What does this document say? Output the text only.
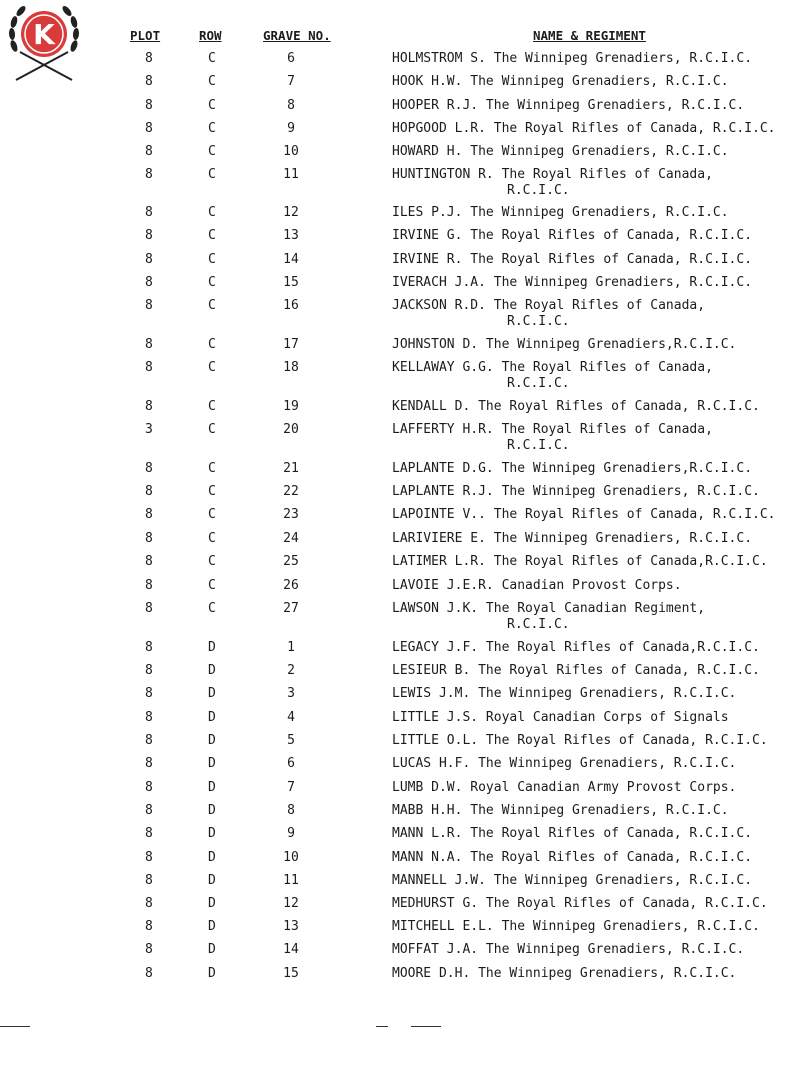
K	PLOT	ROW	GRAVE NO.	NAME & REGIMENT
8	C	6	HOLMSTROM S. The Winnipeg Grenadiers, R.C.I.C.
8	C	7	HOOK H.W. The Winnipeg Grenadiers, R.C.I.C.
8	C	8	HOOPER R.J. The Winnipeg Grenadiers, R.C.I.C.
8	C	9	HOPGOOD L.R. The Royal Rifles of Canada, R.C.I.C.
8	C	10	HOWARD H. The Winnipeg Grenadiers, R.C.I.C.
8	C	11	HUNTINGTON R. The Royal Rifles of Canada,
R.C.I.C.
8	C	12	ILES P.J. The Winnipeg Grenadiers, R.C.I.C.
8	C	13	IRVINE G. The Royal Rifles of Canada, R.C.I.C.
8	C	14	IRVINE R. The Royal Rifles of Canada, R.C.I.C.
8	C	15	IVERACH J.A. The Winnipeg Grenadiers, R.C.I.C.
8	C	16	JACKSON R.D. The Royal Rifles of Canada,
R.C.I.C.
8	C	17	JOHNSTON D. The Winnipeg Grenadiers,R.C.I.C.
8	C	18	KELLAWAY G.G. The Royal Rifles of Canada,
R.C.I.C.
8	C	19	KENDALL D. The Royal Rifles of Canada, R.C.I.C.
3	C	20	LAFFERTY H.R. The Royal Rifles of Canada,
R.C.I.C.
8	C	21	LAPLANTE D.G. The Winnipeg Grenadiers,R.C.I.C.
8	C	22	LAPLANTE R.J. The Winnipeg Grenadiers, R.C.I.C.
8	C	23	LAPOINTE V.. The Royal Rifles of Canada, R.C.I.C.
8	C	24	LARIVIERE E. The Winnipeg Grenadiers, R.C.I.C.
8	C	25	LATIMER L.R. The Royal Rifles of Canada,R.C.I.C.
8	C	26	LAVOIE J.E.R. Canadian Provost Corps.
8	C	27	LAWSON J.K. The Royal Canadian Regiment,
R.C.I.C.
8	D	1	LEGACY J.F. The Royal Rifles of Canada,R.C.I.C.
8	D	2	LESIEUR B. The Royal Rifles of Canada, R.C.I.C.
8	D	3	LEWIS J.M. The Winnipeg Grenadiers, R.C.I.C.
8	D	4	LITTLE J.S. Royal Canadian Corps of Signals
8	D	5	LITTLE O.L. The Royal Rifles of Canada, R.C.I.C.
8	D	6	LUCAS H.F. The Winnipeg Grenadiers, R.C.I.C.
8	D	7	LUMB D.W. Royal Canadian Army Provost Corps.
8	D	8	MABB H.H. The Winnipeg Grenadiers, R.C.I.C.
8	D	9	MANN L.R. The Royal Rifles of Canada, R.C.I.C.
8	D	10	MANN N.A. The Royal Rifles of Canada, R.C.I.C.
8	D	11	MANNELL J.W. The Winnipeg Grenadiers, R.C.I.C.
8	D	12	MEDHURST G. The Royal Rifles of Canada, R.C.I.C.
8	D	13	MITCHELL E.L. The Winnipeg Grenadiers, R.C.I.C.
8	D	14	MOFFAT J.A. The Winnipeg Grenadiers, R.C.I.C.
8	D	15	MOORE D.H. The Winnipeg Grenadiers, R.C.I.C.
